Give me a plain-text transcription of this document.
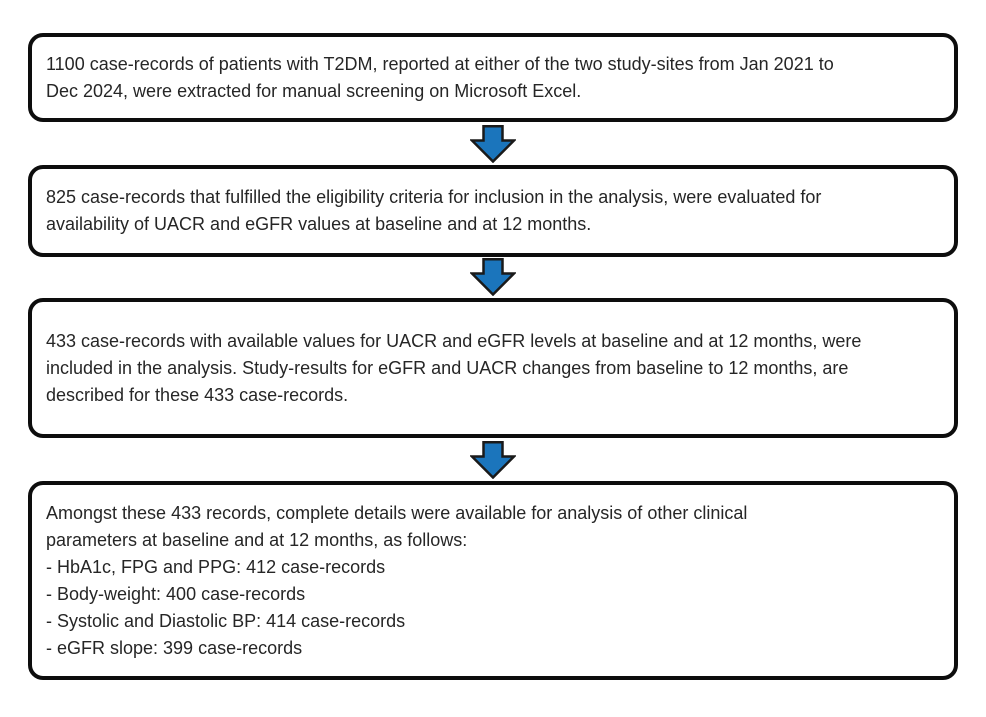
1100 case-records of patients with T2DM, reported at either of the two study-sites from Jan 2021 to
Dec 2024, were extracted for manual screening on Microsoft Excel.
825 case-records that fulfilled the eligibility criteria for inclusion in the analysis, were evaluated for
availability of UACR and eGFR values at baseline and at 12 months.
433 case-records with available values for UACR and eGFR levels at baseline and at 12 months, were
included in the analysis. Study-results for eGFR and UACR changes from baseline to 12 months, are
described for these 433 case-records.
Amongst these 433 records, complete details were available for analysis of other clinical
parameters at baseline and at 12 months, as follows:
- HbA1c, FPG and PPG: 412 case-records
- Body-weight: 400 case-records
- Systolic and Diastolic BP: 414 case-records
- eGFR slope: 399 case-records
